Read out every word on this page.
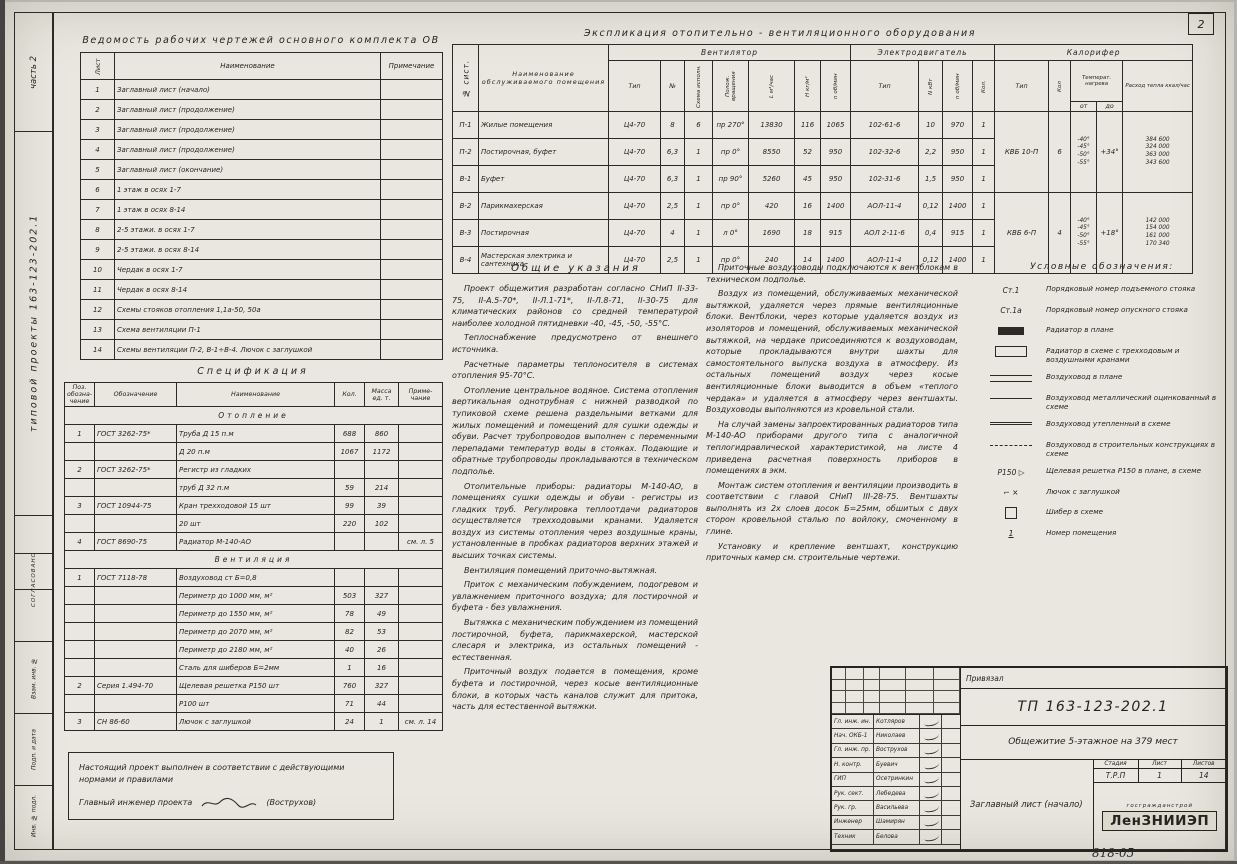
часть 2
типовой проекты 163-123-202.1
СОГЛАСОВАНО
Взам. инв. №
Подп. и дата
Инв. № подл.
2
Ведомость рабочих чертежей основного комплекта ОВ
Лист	Наименование	Примечание
1	Заглавный лист (начало)	
2	Заглавный лист (продолжение)	
3	Заглавный лист (продолжение)	
4	Заглавный лист (продолжение)	
5	Заглавный лист (окончание)	
6	1 этаж в осях 1-7	
7	1 этаж в осях 8-14	
8	2-5 этажи. в осях 1-7	
9	2-5 этажи. в осях 8-14	
10	Чердак в осях 1-7	
11	Чердак в осях 8-14	
12	Схемы стояков отопления 1,1а-50, 50а	
13	Схема вентиляции П-1	
14	Схемы вентиляции П-2, В-1÷В-4. Лючок с заглушкой	
Спецификация
Поз.
обозна-
чение	Обозначение	Наименование	Кол.	Масса
ед. т.	Приме-
чание
Отопление					
1	ГОСТ 3262-75*	Труба Д 15 п.м	688	860	
		Д 20 п.м	1067	1172	
2	ГОСТ 3262-75*	Регистр из гладких			
		труб Д 32 п.м	59	214	
3	ГОСТ 10944-75	Кран трехходовой 15 шт	99	39	
		20 шт	220	102	
4	ГОСТ 8690-75	Радиатор М-140-АО			см. л. 5
Вентиляция					
1	ГОСТ 7118-78	Воздуховод ст Б=0,8			
		Периметр до 1000 мм, м²	503	327	
		Периметр до 1550 мм, м²	78	49	
		Периметр до 2070 мм, м²	82	53	
		Периметр до 2180 мм, м²	40	26	
		Сталь для шиберов Б=2мм	1	16	
2	Серия 1.494-70	Щелевая решетка Р150 шт	760	327	
		Р100 шт	71	44	
3	СН 86-60	Лючок с заглушкой	24	1	см. л. 14
Экспликация отопительно - вентиляционного оборудования
№ сист.	Наименование обслуживаемого помещения	Вентилятор							Электродвигатель				Калорифер				
		Тип	№	Схема исполн.	Полож. вращения	L м³/час	Н кг/м²	n об/мин	Тип	N кВт	n об/мин	Кол.	Тип	Кол	Температ. нагрева		Расход тепла ккал/час
															от	до	
П-1	Жилые помещения	Ц4-70	8	6	пр 270°	13830	116	1065	102-61-6	10	970	1	КВБ 10-П	6	-40°
-45°
-50°
-55°	+34°	384 600
324 000
363 000
343 600
П-2	Постирочная, буфет	Ц4-70	6,3	1	пр 0°	8550	52	950	102-32-6	2,2	950	1					
В-1	Буфет	Ц4-70	6,3	1	пр 90°	5260	45	950	102-31-6	1,5	950	1					
В-2	Парикмахерская	Ц4-70	2,5	1	пр 0°	420	16	1400	АОЛ-11-4	0,12	1400	1	КВБ 6-П	4	-40°
-45°
-50°
-55°	+18°	142 000
154 000
161 000
170 340
В-3	Постирочная	Ц4-70	4	1	л 0°	1690	18	915	АОЛ 2-11-6	0,4	915	1					
В-4	Мастерская электрика и сантехника	Ц4-70	2,5	1	пр 0°	240	14	1400	АОЛ-11-4	0,12	1400	1					
Общие указания

Проект общежития разработан согласно СНиП II-33-75, II-А.5-70*, II-Л.1-71*, II-Л.8-71, II-30-75 для климатических районов со средней температурой наиболее холодной пятидневки -40, -45, -50, -55°С.

Теплоснабжение предусмотрено от внешнего источника.

Расчетные параметры теплоносителя в системах отопления 95-70°С.

Отопление центральное водяное. Система отопления вертикальная однотрубная с нижней разводкой по тупиковой схеме решена раздельными ветками для жилых помещений и помещений для сушки одежды и обуви. Расчет трубопроводов выполнен с переменными перепадами температур воды в стояках. Подающие и обратные трубопроводы прокладываются в техническом подполье.

Отопительные приборы: радиаторы М-140-АО, в помещениях сушки одежды и обуви - регистры из гладких труб. Регулировка теплоотдачи радиаторов осуществляется трехходовыми кранами. Удаляется воздух из системы отопления через воздушные краны, установленные в пробках радиаторов верхних этажей и высших точках системы.

Вентиляция помещений приточно-вытяжная.

Приток с механическим побуждением, подогревом и увлажнением приточного воздуха; для постирочной и буфета - без увлажнения.

Вытяжка с механическим побуждением из помещений постирочной, буфета, парикмахерской, мастерской слесаря и электрика, из остальных помещений - естественная.

Приточный воздух подается в помещения, кроме буфета и постирочной, через косые вентиляционные блоки, в которых часть каналов служит для притока, часть для естественной вытяжки.

Приточные воздуховоды подключаются к вентблокам в техническом подполье.

Воздух из помещений, обслуживаемых механической вытяжкой, удаляется через прямые вентиляционные блоки. Вентблоки, через которые удаляется воздух из изоляторов и помещений, обслуживаемых механической вытяжкой, на чердаке присоединяются к воздуховодам, которые прокладываются внутри шахты для самостоятельного выпуска воздуха в атмосферу. Из остальных помещений воздух через косые вентиляционные блоки выводится в объем «теплого чердака» и удаляется в атмосферу через вентшахты. Воздуховоды выполняются из кровельной стали.

На случай замены запроектированных радиаторов типа М-140-АО приборами другого типа с аналогичной теплогидравлической характеристикой, на листе 4 приведена расчетная поверхность приборов в помещениях в экм.

Монтаж систем отопления и вентиляции производить в соответствии с главой СНиП III-28-75. Вентшахты выполнять из 2х слоев досок Б=25мм, обшитых с двух сторон кровельной сталью по войлоку, смоченному в глине.

Установку и крепление вентшахт, конструкцию приточных камер см. строительные чертежи.

Условные обозначения:
Ст.1	Порядковый номер подъемного стояка
Ст.1а	Порядковый номер опускного стояка
Радиатор в плане
Радиатор в схеме с трехходовым и воздушными кранами
Воздуховод в плане
Воздуховод металлический оцинкованный в схеме
Воздуховод утепленный в схеме
Воздуховод в строительных конструкциях в схеме
Р150 ▷	Щелевая решетка Р150 в плане, в схеме
⌐ ×	Лючок с заглушкой
Шибер в схеме
1	Номер помещения
Настоящий проект выполнен в соответствии с действующими нормами и правилами
Главный инженер проекта	(Вострухов)
Гл. инж. ин. Котляров
Нач. ОКБ-1	Николаев
Гл. инж. пр. Вострухов
Н. контр.	Буевич
ГИП	Осетринкин
Рук. сект.	Лебедева
Рук. гр.	Васильева
Инженер	Шамирян
Техник	Белова
Привязал
ТП 163-123-202.1
Общежитие 5-этажное на 379 мест
Заглавный лист (начало)
Стадия	Лист	Листов
Т.Р.П	1	14
госгражданстрой
ЛенЗНИИЭП
818-05
